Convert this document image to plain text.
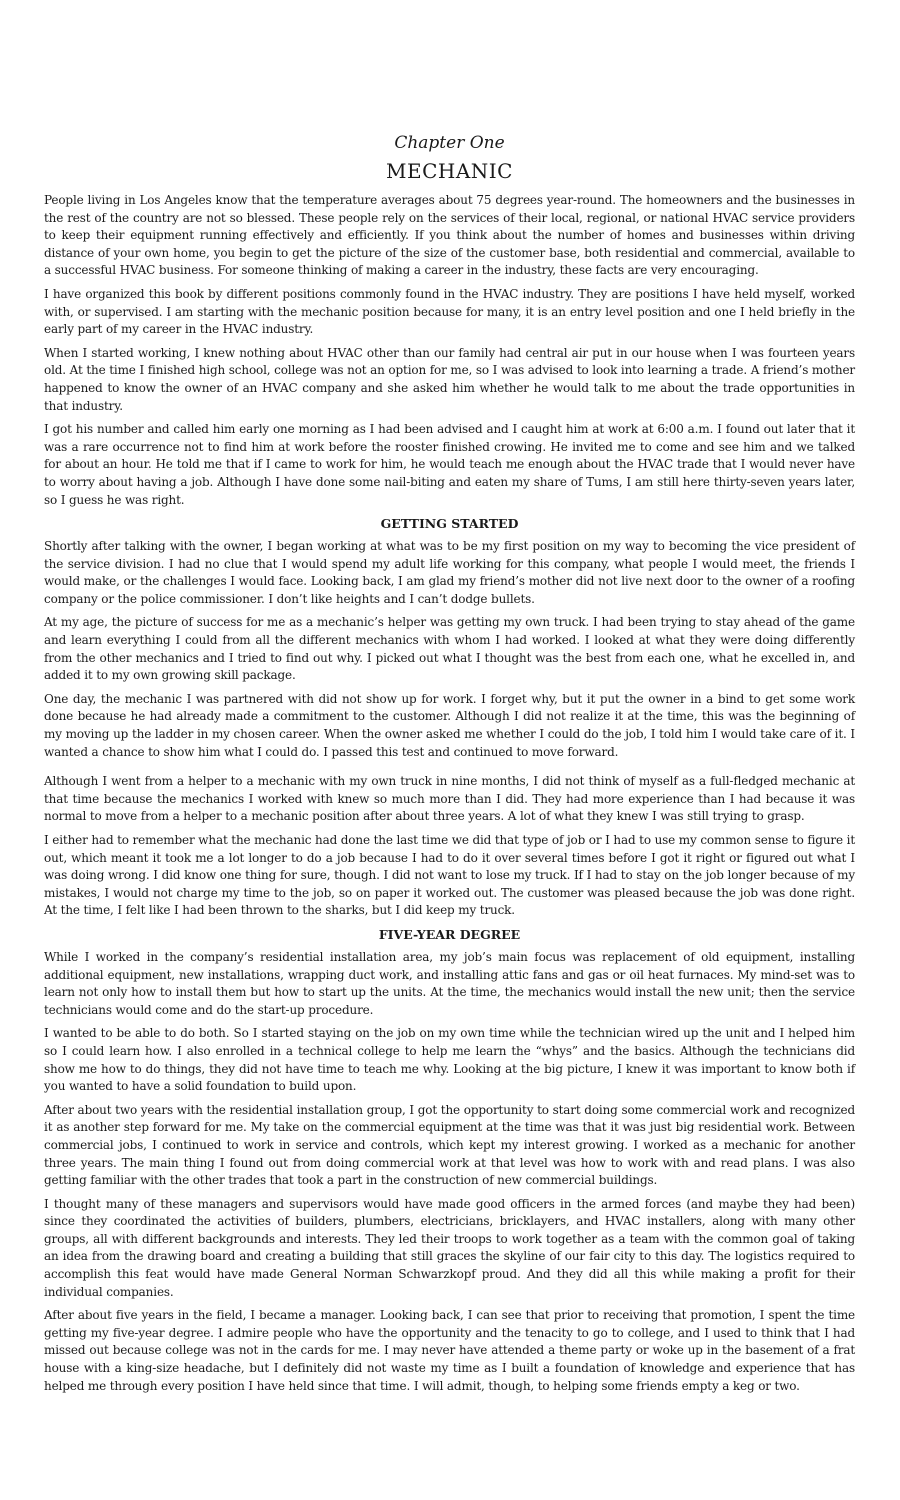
Chapter One
MECHANIC

People living in Los Angeles know that the temperature averages about 75 degrees year-round. The homeowners and the businesses in the rest of the country are not so blessed. These people rely on the services of their local, regional, or national HVAC service providers to keep their equipment running effectively and efficiently. If you think about the number of homes and businesses within driving distance of your own home, you begin to get the picture of the size of the customer base, both residential and commercial, available to a successful HVAC business. For someone thinking of making a career in the industry, these facts are very encouraging.

I have organized this book by different positions commonly found in the HVAC industry. They are positions I have held myself, worked with, or supervised. I am starting with the mechanic position because for many, it is an entry level position and one I held briefly in the early part of my career in the HVAC industry.

When I started working, I knew nothing about HVAC other than our family had central air put in our house when I was fourteen years old. At the time I finished high school, college was not an option for me, so I was advised to look into learning a trade. A friend’s mother happened to know the owner of an HVAC company and she asked him whether he would talk to me about the trade opportunities in that industry.

I got his number and called him early one morning as I had been advised and I caught him at work at 6:00 a.m. I found out later that it was a rare occurrence not to find him at work before the rooster finished crowing. He invited me to come and see him and we talked for about an hour. He told me that if I came to work for him, he would teach me enough about the HVAC trade that I would never have to worry about having a job. Although I have done some nail-biting and eaten my share of Tums, I am still here thirty-seven years later, so I guess he was right.

GETTING STARTED

Shortly after talking with the owner, I began working at what was to be my first position on my way to becoming the vice president of the service division. I had no clue that I would spend my adult life working for this company, what people I would meet, the friends I would make, or the challenges I would face. Looking back, I am glad my friend’s mother did not live next door to the owner of a roofing company or the police commissioner. I don’t like heights and I can’t dodge bullets.

At my age, the picture of success for me as a mechanic’s helper was getting my own truck. I had been trying to stay ahead of the game and learn everything I could from all the different mechanics with whom I had worked. I looked at what they were doing differently from the other mechanics and I tried to find out why. I picked out what I thought was the best from each one, what he excelled in, and added it to my own growing skill package.

One day, the mechanic I was partnered with did not show up for work. I forget why, but it put the owner in a bind to get some work done because he had already made a commitment to the customer. Although I did not realize it at the time, this was the beginning of my moving up the ladder in my chosen career. When the owner asked me whether I could do the job, I told him I would take care of it. I wanted a chance to show him what I could do. I passed this test and continued to move forward.

Although I went from a helper to a mechanic with my own truck in nine months, I did not think of myself as a full-fledged mechanic at that time because the mechanics I worked with knew so much more than I did. They had more experience than I had because it was normal to move from a helper to a mechanic position after about three years. A lot of what they knew I was still trying to grasp.

I either had to remember what the mechanic had done the last time we did that type of job or I had to use my common sense to figure it out, which meant it took me a lot longer to do a job because I had to do it over several times before I got it right or figured out what I was doing wrong. I did know one thing for sure, though. I did not want to lose my truck. If I had to stay on the job longer because of my mistakes, I would not charge my time to the job, so on paper it worked out. The customer was pleased because the job was done right. At the time, I felt like I had been thrown to the sharks, but I did keep my truck.

FIVE-YEAR DEGREE

While I worked in the company’s residential installation area, my job’s main focus was replacement of old equipment, installing additional equipment, new installations, wrapping duct work, and installing attic fans and gas or oil heat furnaces. My mind-set was to learn not only how to install them but how to start up the units. At the time, the mechanics would install the new unit; then the service technicians would come and do the start-up procedure.

I wanted to be able to do both. So I started staying on the job on my own time while the technician wired up the unit and I helped him so I could learn how. I also enrolled in a technical college to help me learn the “whys” and the basics. Although the technicians did show me how to do things, they did not have time to teach me why. Looking at the big picture, I knew it was important to know both if you wanted to have a solid foundation to build upon.

After about two years with the residential installation group, I got the opportunity to start doing some commercial work and recognized it as another step forward for me. My take on the commercial equipment at the time was that it was just big residential work. Between commercial jobs, I continued to work in service and controls, which kept my interest growing. I worked as a mechanic for another three years. The main thing I found out from doing commercial work at that level was how to work with and read plans. I was also getting familiar with the other trades that took a part in the construction of new commercial buildings.

I thought many of these managers and supervisors would have made good officers in the armed forces (and maybe they had been) since they coordinated the activities of builders, plumbers, electricians, bricklayers, and HVAC installers, along with many other groups, all with different backgrounds and interests. They led their troops to work together as a team with the common goal of taking an idea from the drawing board and creating a building that still graces the skyline of our fair city to this day. The logistics required to accomplish this feat would have made General Norman Schwarzkopf proud. And they did all this while making a profit for their individual companies.

After about five years in the field, I became a manager. Looking back, I can see that prior to receiving that promotion, I spent the time getting my five-year degree. I admire people who have the opportunity and the tenacity to go to college, and I used to think that I had missed out because college was not in the cards for me. I may never have attended a theme party or woke up in the basement of a frat house with a king-size headache, but I definitely did not waste my time as I built a foundation of knowledge and experience that has helped me through every position I have held since that time. I will admit, though, to helping some friends empty a keg or two.
